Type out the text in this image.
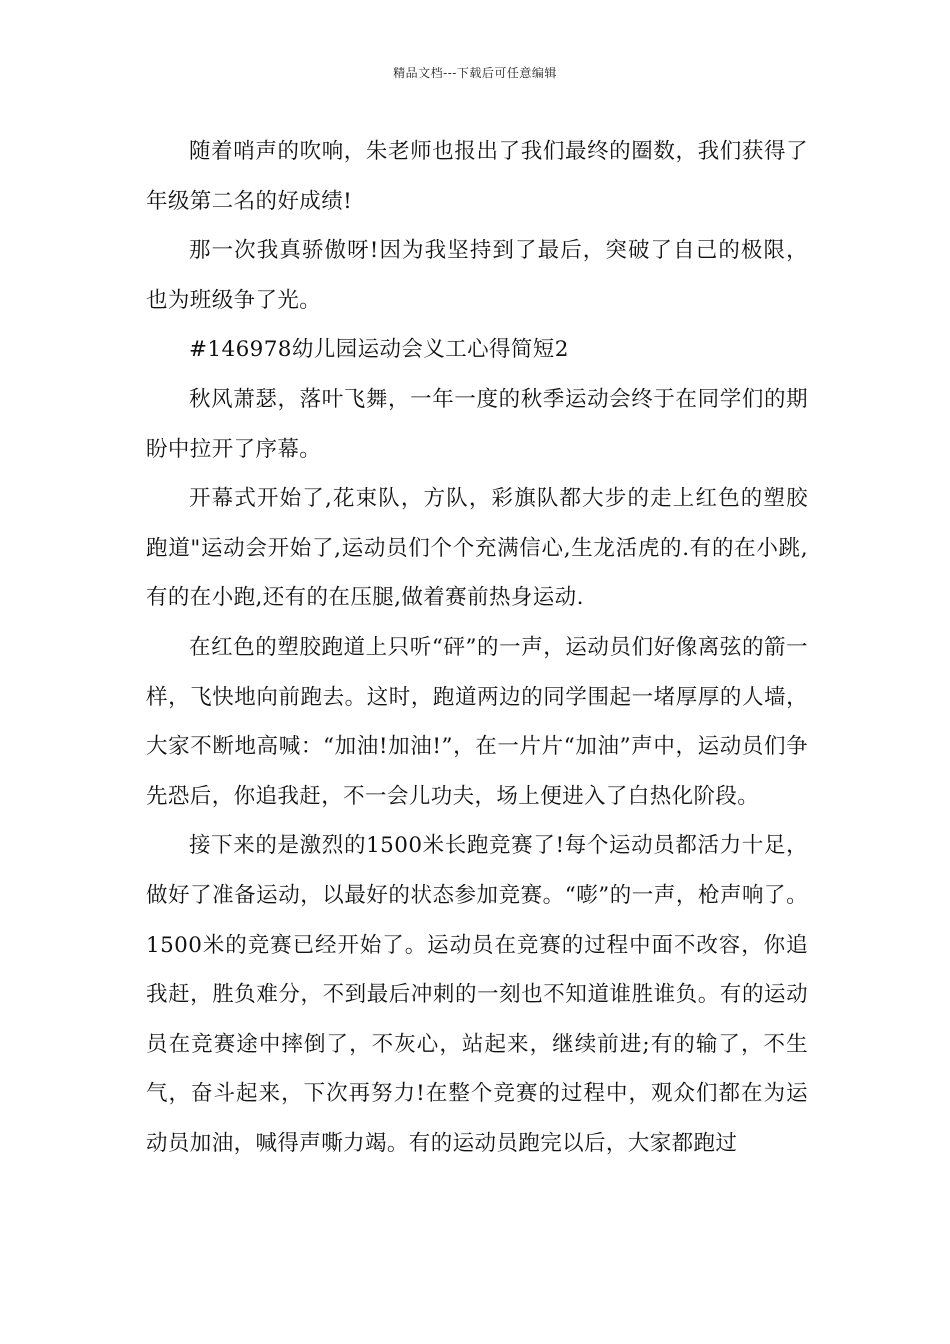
精品文档---下载后可任意编辑

随着哨声的吹响，朱老师也报出了我们最终的圈数，我们获得了年级第二名的好成绩!

那一次我真骄傲呀!因为我坚持到了最后，突破了自己的极限，也为班级争了光。

#146978幼儿园运动会义工心得简短2

秋风萧瑟，落叶飞舞，一年一度的秋季运动会终于在同学们的期盼中拉开了序幕。

开幕式开始了,花束队，方队，彩旗队都大步的走上红色的塑胶跑道"运动会开始了,运动员们个个充满信心,生龙活虎的.有的在小跳,有的在小跑,还有的在压腿,做着赛前热身运动.

在红色的塑胶跑道上只听“砰”的一声，运动员们好像离弦的箭一样，飞快地向前跑去。这时，跑道两边的同学围起一堵厚厚的人墙，大家不断地高喊：“加油!加油!”，在一片片“加油”声中，运动员们争先恐后，你追我赶，不一会儿功夫，场上便进入了白热化阶段。

接下来的是激烈的1500米长跑竞赛了!每个运动员都活力十足，做好了准备运动，以最好的状态参加竞赛。“嘭”的一声，枪声响了。1500米的竞赛已经开始了。运动员在竞赛的过程中面不改容，你追我赶，胜负难分，不到最后冲刺的一刻也不知道谁胜谁负。有的运动员在竞赛途中摔倒了，不灰心，站起来，继续前进;有的输了，不生气，奋斗起来，下次再努力!在整个竞赛的过程中，观众们都在为运动员加油，喊得声嘶力竭。有的运动员跑完以后，大家都跑过
